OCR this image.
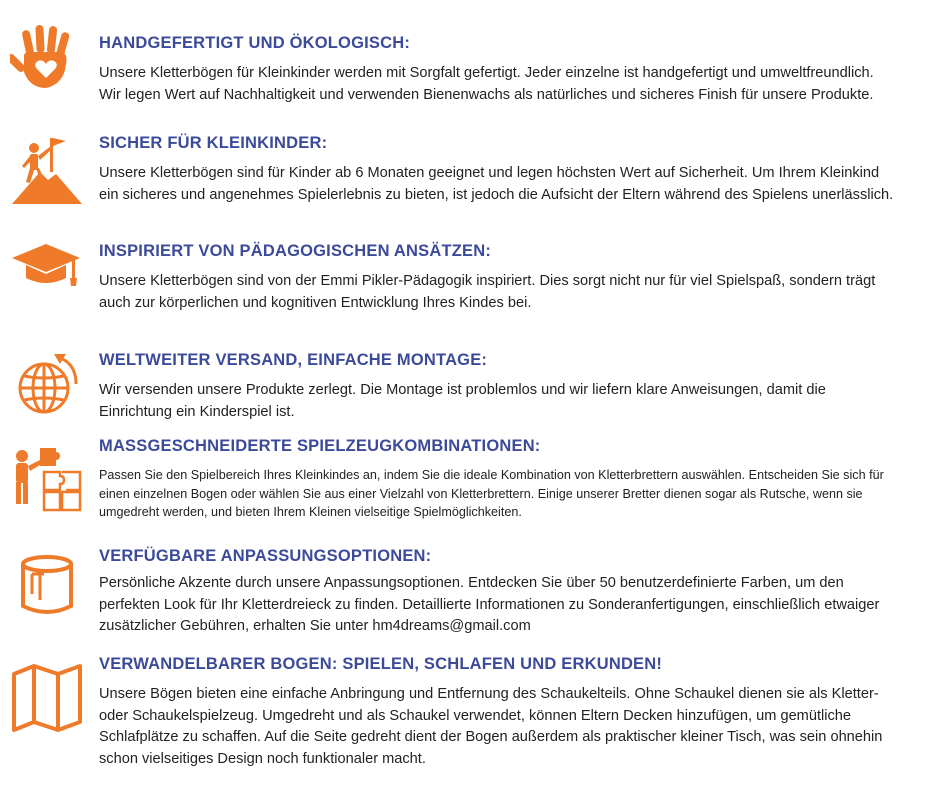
HANDGEFERTIGT UND ÖKOLOGISCH:

Unsere Kletterbögen für Kleinkinder werden mit Sorgfalt gefertigt. Jeder einzelne ist handgefertigt und umweltfreundlich. Wir legen Wert auf Nachhaltigkeit und verwenden Bienenwachs als natürliches und sicheres Finish für unsere Produkte.

SICHER FÜR KLEINKINDER:

Unsere Kletterbögen sind für Kinder ab 6 Monaten geeignet und legen höchsten Wert auf Sicherheit. Um Ihrem Kleinkind ein sicheres und angenehmes Spielerlebnis zu bieten, ist jedoch die Aufsicht der Eltern während des Spielens unerlässlich.

INSPIRIERT VON PÄDAGOGISCHEN ANSÄTZEN:

Unsere Kletterbögen sind von der Emmi Pikler-Pädagogik inspiriert. Dies sorgt nicht nur für viel Spielspaß, sondern trägt auch zur körperlichen und kognitiven Entwicklung Ihres Kindes bei.

WELTWEITER VERSAND, EINFACHE MONTAGE:

Wir versenden unsere Produkte zerlegt. Die Montage ist problemlos und wir liefern klare Anweisungen, damit die Einrichtung ein Kinderspiel ist.

MASSGESCHNEIDERTE SPIELZEUGKOMBINATIONEN:

Passen Sie den Spielbereich Ihres Kleinkindes an, indem Sie die ideale Kombination von Kletterbrettern auswählen. Entscheiden Sie sich für einen einzelnen Bogen oder wählen Sie aus einer Vielzahl von Kletterbrettern. Einige unserer Bretter dienen sogar als Rutsche, wenn sie umgedreht werden, und bieten Ihrem Kleinen vielseitige Spielmöglichkeiten.

VERFÜGBARE ANPASSUNGSOPTIONEN:

Persönliche Akzente durch unsere Anpassungsoptionen. Entdecken Sie über 50 benutzerdefinierte Farben, um den perfekten Look für Ihr Kletterdreieck zu finden. Detaillierte Informationen zu Sonderanfertigungen, einschließlich etwaiger zusätzlicher Gebühren, erhalten Sie unter hm4dreams@gmail.com

VERWANDELBARER BOGEN: SPIELEN, SCHLAFEN UND ERKUNDEN!

Unsere Bögen bieten eine einfache Anbringung und Entfernung des Schaukelteils. Ohne Schaukel dienen sie als Kletter- oder Schaukelspielzeug. Umgedreht und als Schaukel verwendet, können Eltern Decken hinzufügen, um gemütliche Schlafplätze zu schaffen. Auf die Seite gedreht dient der Bogen außerdem als praktischer kleiner Tisch, was sein ohnehin schon vielseitiges Design noch funktionaler macht.
